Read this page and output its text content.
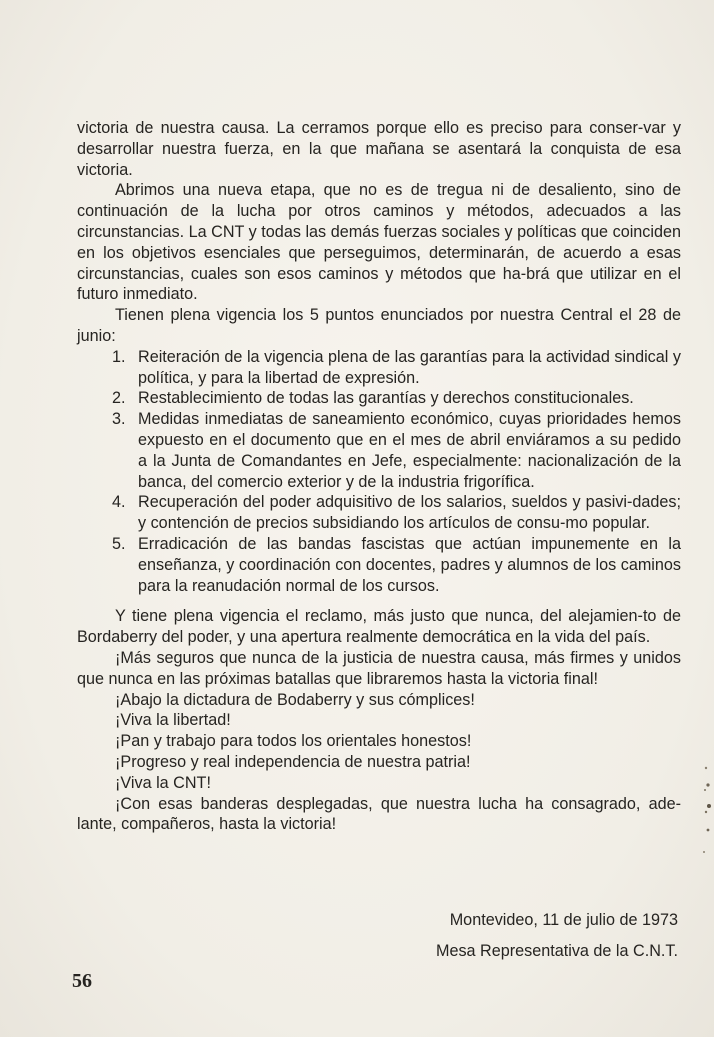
victoria de nuestra causa. La cerramos porque ello es preciso para conser-var y desarrollar nuestra fuerza, en la que mañana se asentará la conquista de esa victoria.

Abrimos una nueva etapa, que no es de tregua ni de desaliento, sino de continuación de la lucha por otros caminos y métodos, adecuados a las circunstancias. La CNT y todas las demás fuerzas sociales y políticas que coinciden en los objetivos esenciales que perseguimos, determinarán, de acuerdo a esas circunstancias, cuales son esos caminos y métodos que ha-brá que utilizar en el futuro inmediato.

Tienen plena vigencia los 5 puntos enunciados por nuestra Central el 28 de junio:

1. Reiteración de la vigencia plena de las garantías para la actividad sindical y política, y para la libertad de expresión.
2. Restablecimiento de todas las garantías y derechos constitucionales.
3. Medidas inmediatas de saneamiento económico, cuyas prioridades hemos expuesto en el documento que en el mes de abril enviáramos a su pedido a la Junta de Comandantes en Jefe, especialmente: nacionalización de la banca, del comercio exterior y de la industria frigorífica.
4. Recuperación del poder adquisitivo de los salarios, sueldos y pasivi-dades; y contención de precios subsidiando los artículos de consu-mo popular.
5. Erradicación de las bandas fascistas que actúan impunemente en la enseñanza, y coordinación con docentes, padres y alumnos de los caminos para la reanudación normal de los cursos.

Y tiene plena vigencia el reclamo, más justo que nunca, del alejamien-to de Bordaberry del poder, y una apertura realmente democrática en la vida del país.

¡Más seguros que nunca de la justicia de nuestra causa, más firmes y unidos que nunca en las próximas batallas que libraremos hasta la victoria final!

¡Abajo la dictadura de Bodaberry y sus cómplices!

¡Viva la libertad!

¡Pan y trabajo para todos los orientales honestos!

¡Progreso y real independencia de nuestra patria!

¡Viva la CNT!

¡Con esas banderas desplegadas, que nuestra lucha ha consagrado, ade-lante, compañeros, hasta la victoria!

Montevideo, 11 de julio de 1973
Mesa Representativa de la C.N.T.
56
